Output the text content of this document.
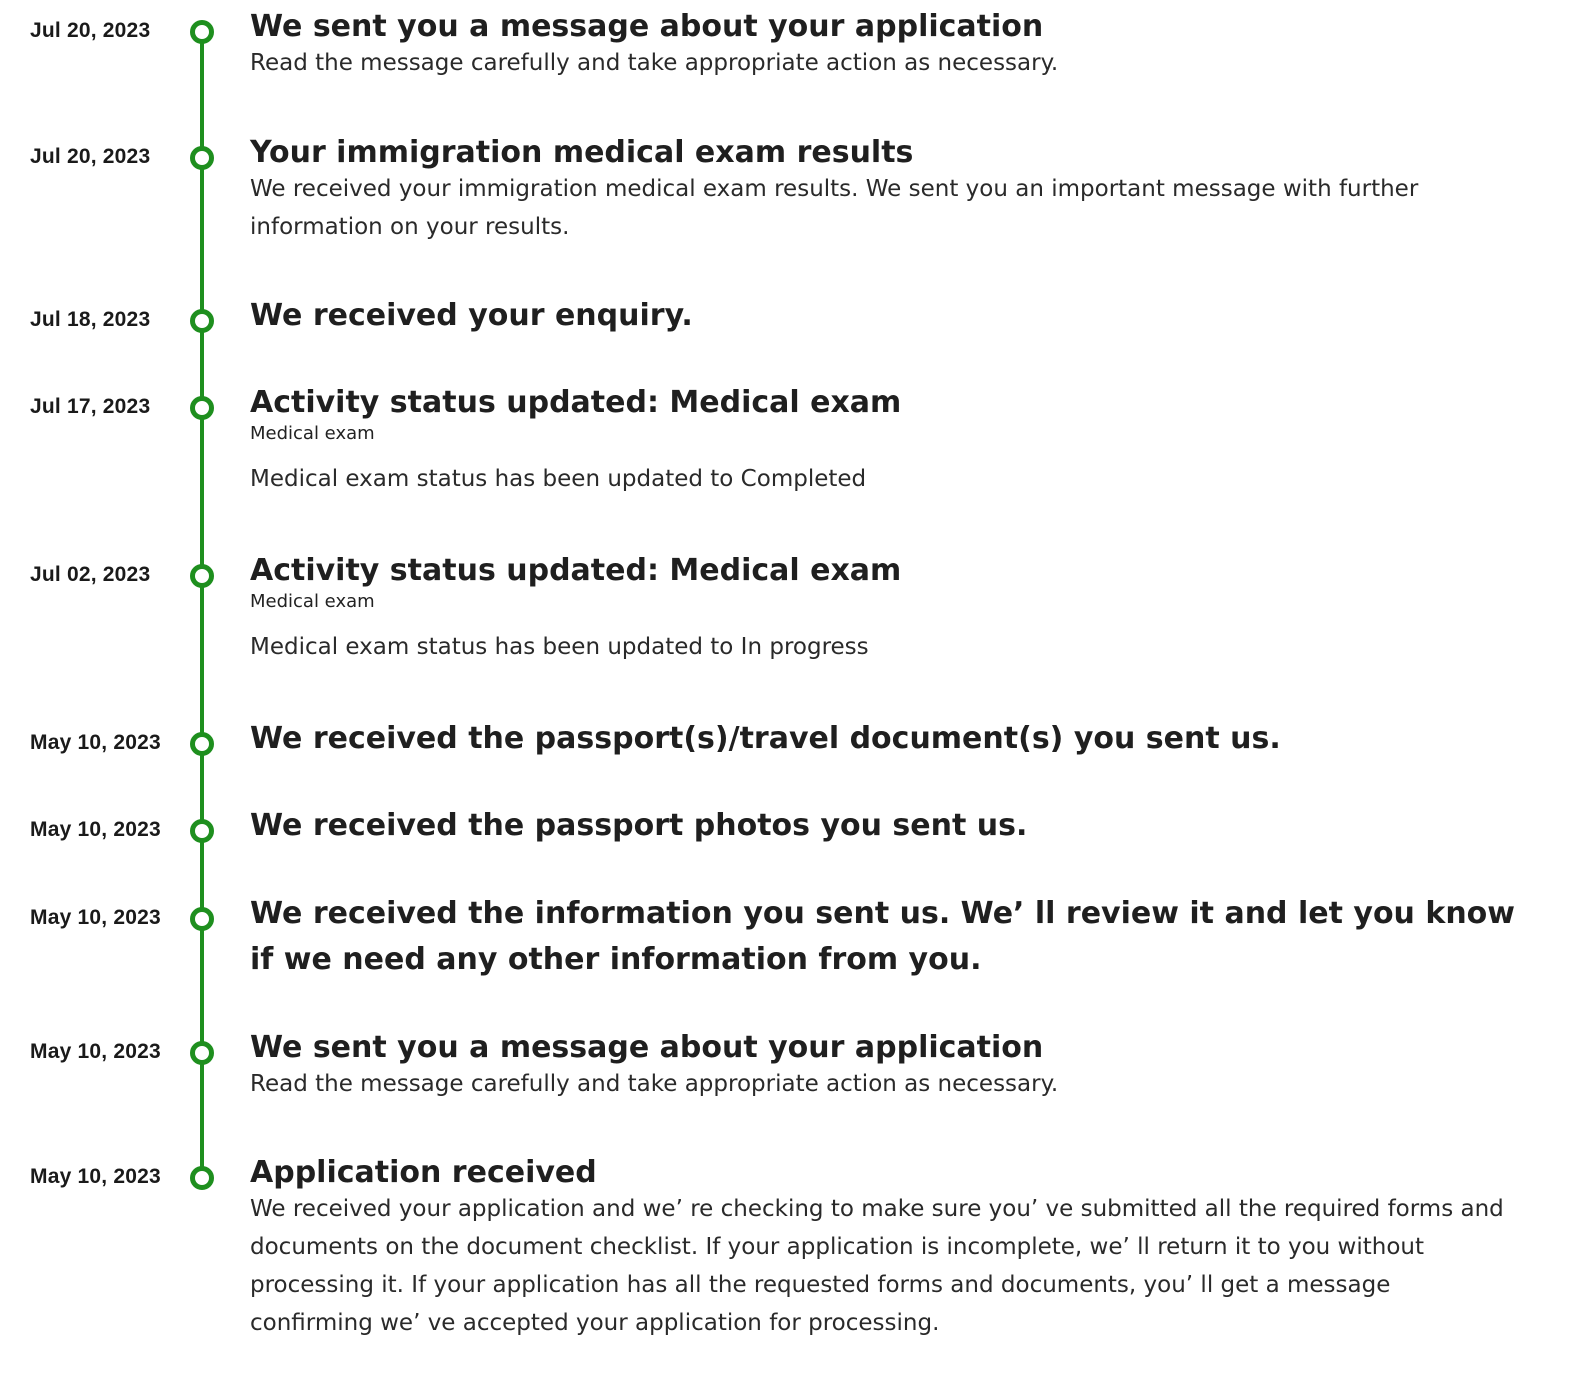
Jul 20, 2023	We sent you a message about your application
Read the message carefully and take appropriate action as necessary.
Jul 20, 2023	Your immigration medical exam results
We received your immigration medical exam results. We sent you an important message with further information on your results.
Jul 18, 2023	We received your enquiry.
Jul 17, 2023	Activity status updated: Medical exam
Medical exam
Medical exam status has been updated to Completed
Jul 02, 2023	Activity status updated: Medical exam
Medical exam
Medical exam status has been updated to In progress
May 10, 2023	We received the passport(s)/travel document(s) you sent us.
May 10, 2023	We received the passport photos you sent us.
May 10, 2023	We received the information you sent us. We’ ll review it and let you know if we need any other information from you.
May 10, 2023	We sent you a message about your application
Read the message carefully and take appropriate action as necessary.
May 10, 2023	Application received
We received your application and we’ re checking to make sure you’ ve submitted all the required forms and documents on the document checklist. If your application is incomplete, we’ ll return it to you without processing it. If your application has all the requested forms and documents, you’ ll get a message confirming we’ ve accepted your application for processing.
